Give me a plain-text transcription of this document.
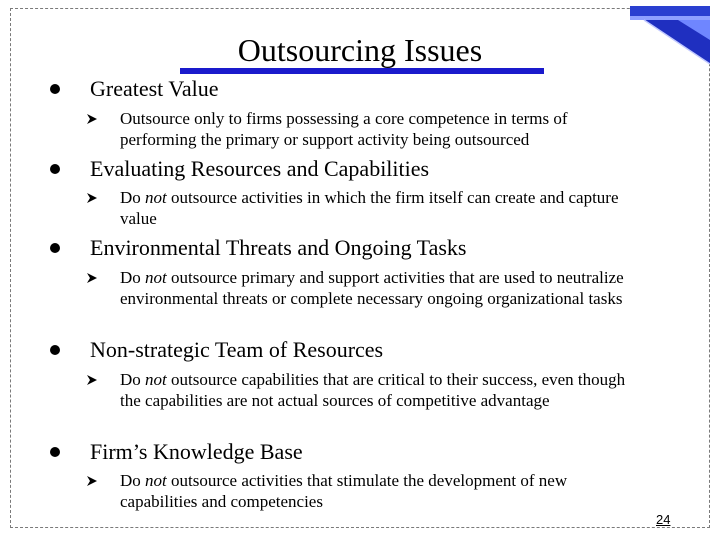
Outsourcing Issues
Greatest Value
Outsource only to firms possessing a core competence in terms of performing the primary or support activity being outsourced
Evaluating Resources and Capabilities
Do not outsource activities in which the firm itself can create and capture value
Environmental Threats and Ongoing Tasks
Do not outsource primary and support activities that are used to neutralize environmental threats or complete necessary ongoing organizational tasks
Non-strategic Team of Resources
Do not outsource capabilities that are critical to their success, even though the capabilities are not actual sources of competitive advantage
Firm’s Knowledge Base
Do not outsource activities that stimulate the development of new capabilities and competencies
24
